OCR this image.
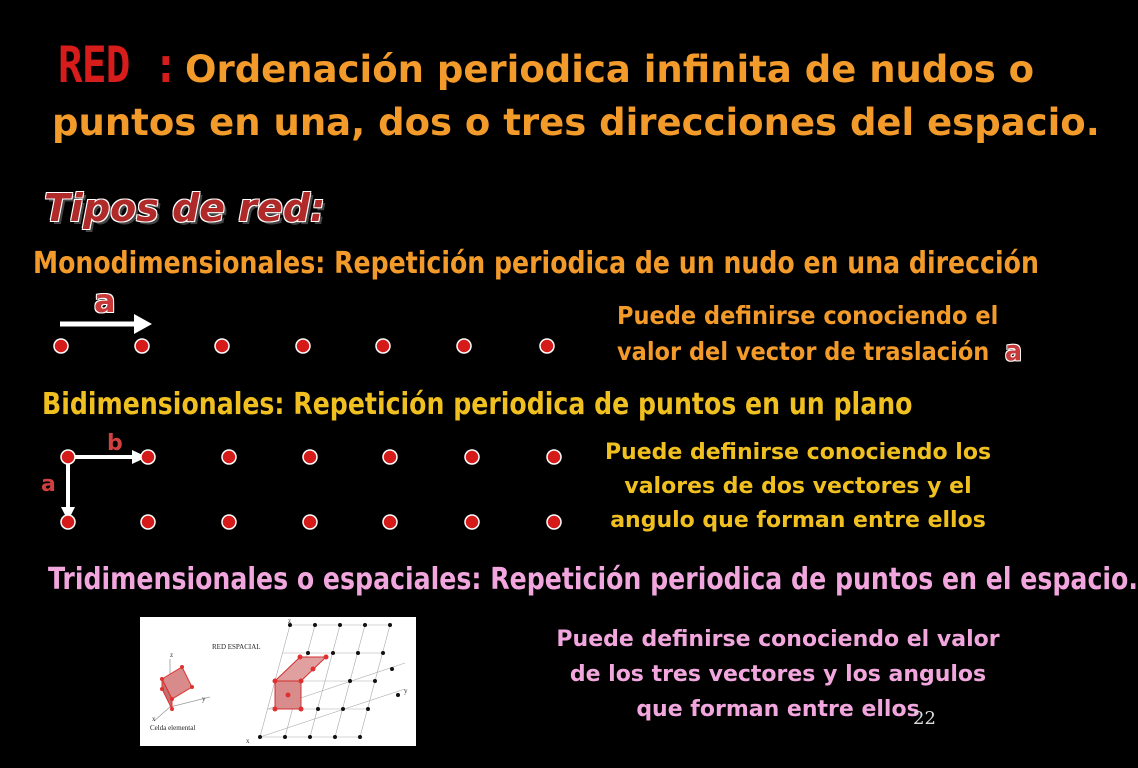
RED : Ordenación periodica infinita de nudos o
puntos en una, dos o tres direcciones del espacio.
Tipos de red:
Monodimensionales: Repetición periodica de un nudo en una dirección
a	Puede definirse conociendo el
valor del vector de traslación a
Bidimensionales: Repetición periodica de puntos en un plano
b
a
Puede definirse conociendo los
valores de dos vectores y el
angulo que forman entre ellos
Tridimensionales o espaciales: Repetición periodica de puntos en el espacio.
z
y
x
Celda elemental
RED ESPACIAL
z
y
x
Puede definirse conociendo el valor
de los tres vectores y los angulos
que forman entre ellos
22
